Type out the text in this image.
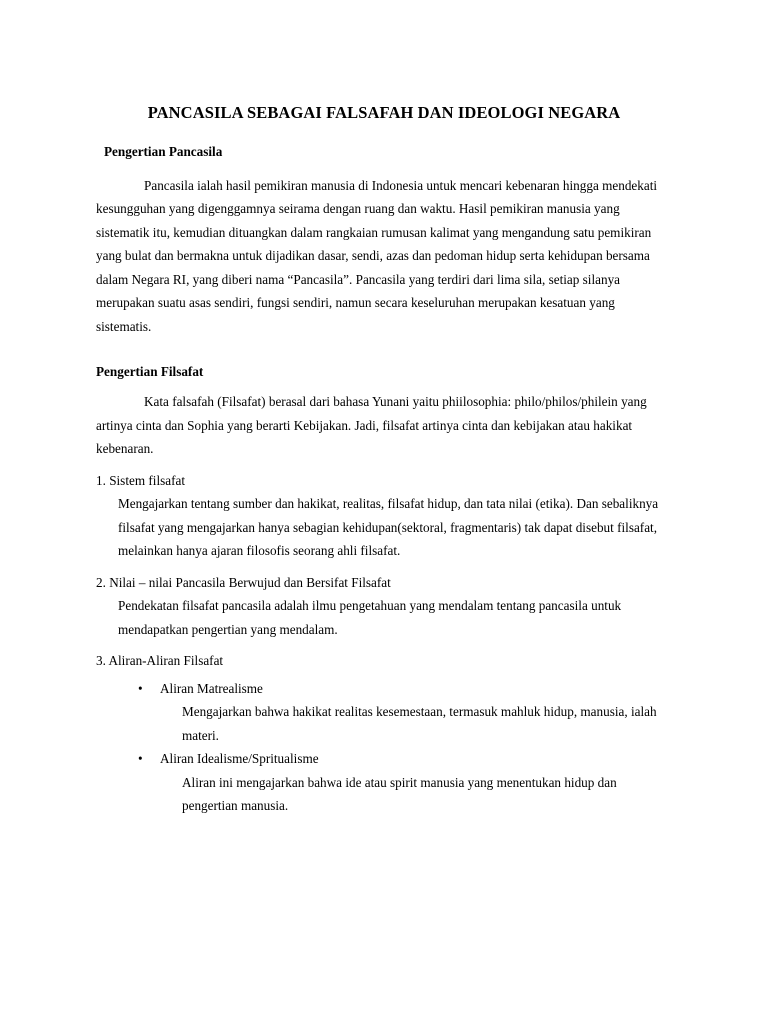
PANCASILA SEBAGAI FALSAFAH DAN IDEOLOGI NEGARA
Pengertian Pancasila

Pancasila ialah hasil pemikiran manusia di Indonesia untuk mencari kebenaran hingga mendekati kesungguhan yang digenggamnya seirama dengan ruang dan waktu. Hasil pemikiran manusia yang sistematik itu, kemudian dituangkan dalam rangkaian rumusan kalimat yang mengandung satu pemikiran yang bulat dan bermakna untuk dijadikan dasar, sendi, azas dan pedoman hidup serta kehidupan bersama dalam Negara RI, yang diberi nama “Pancasila”. Pancasila yang terdiri dari lima sila, setiap silanya merupakan suatu asas sendiri, fungsi sendiri, namun secara keseluruhan merupakan kesatuan yang sistematis.

Pengertian Filsafat

Kata falsafah (Filsafat) berasal dari bahasa Yunani yaitu phiilosophia: philo/philos/philein yang artinya cinta dan Sophia yang berarti Kebijakan. Jadi, filsafat artinya cinta dan kebijakan atau hakikat kebenaran.

1. Sistem filsafat
Mengajarkan tentang sumber dan hakikat, realitas, filsafat hidup, dan tata nilai (etika). Dan sebaliknya filsafat yang mengajarkan hanya sebagian kehidupan(sektoral, fragmentaris) tak dapat disebut filsafat, melainkan hanya ajaran filosofis seorang ahli filsafat.
2. Nilai – nilai Pancasila Berwujud dan Bersifat Filsafat
Pendekatan filsafat pancasila adalah ilmu pengetahuan yang mendalam tentang pancasila untuk mendapatkan pengertian yang mendalam.
3. Aliran-Aliran Filsafat
•	Aliran Matrealisme

Mengajarkan bahwa hakikat realitas kesemestaan, termasuk mahluk hidup, manusia, ialah
materi.

•	Aliran Idealisme/Spritualisme

Aliran ini mengajarkan bahwa ide atau spirit manusia yang menentukan hidup dan pengertian manusia.
